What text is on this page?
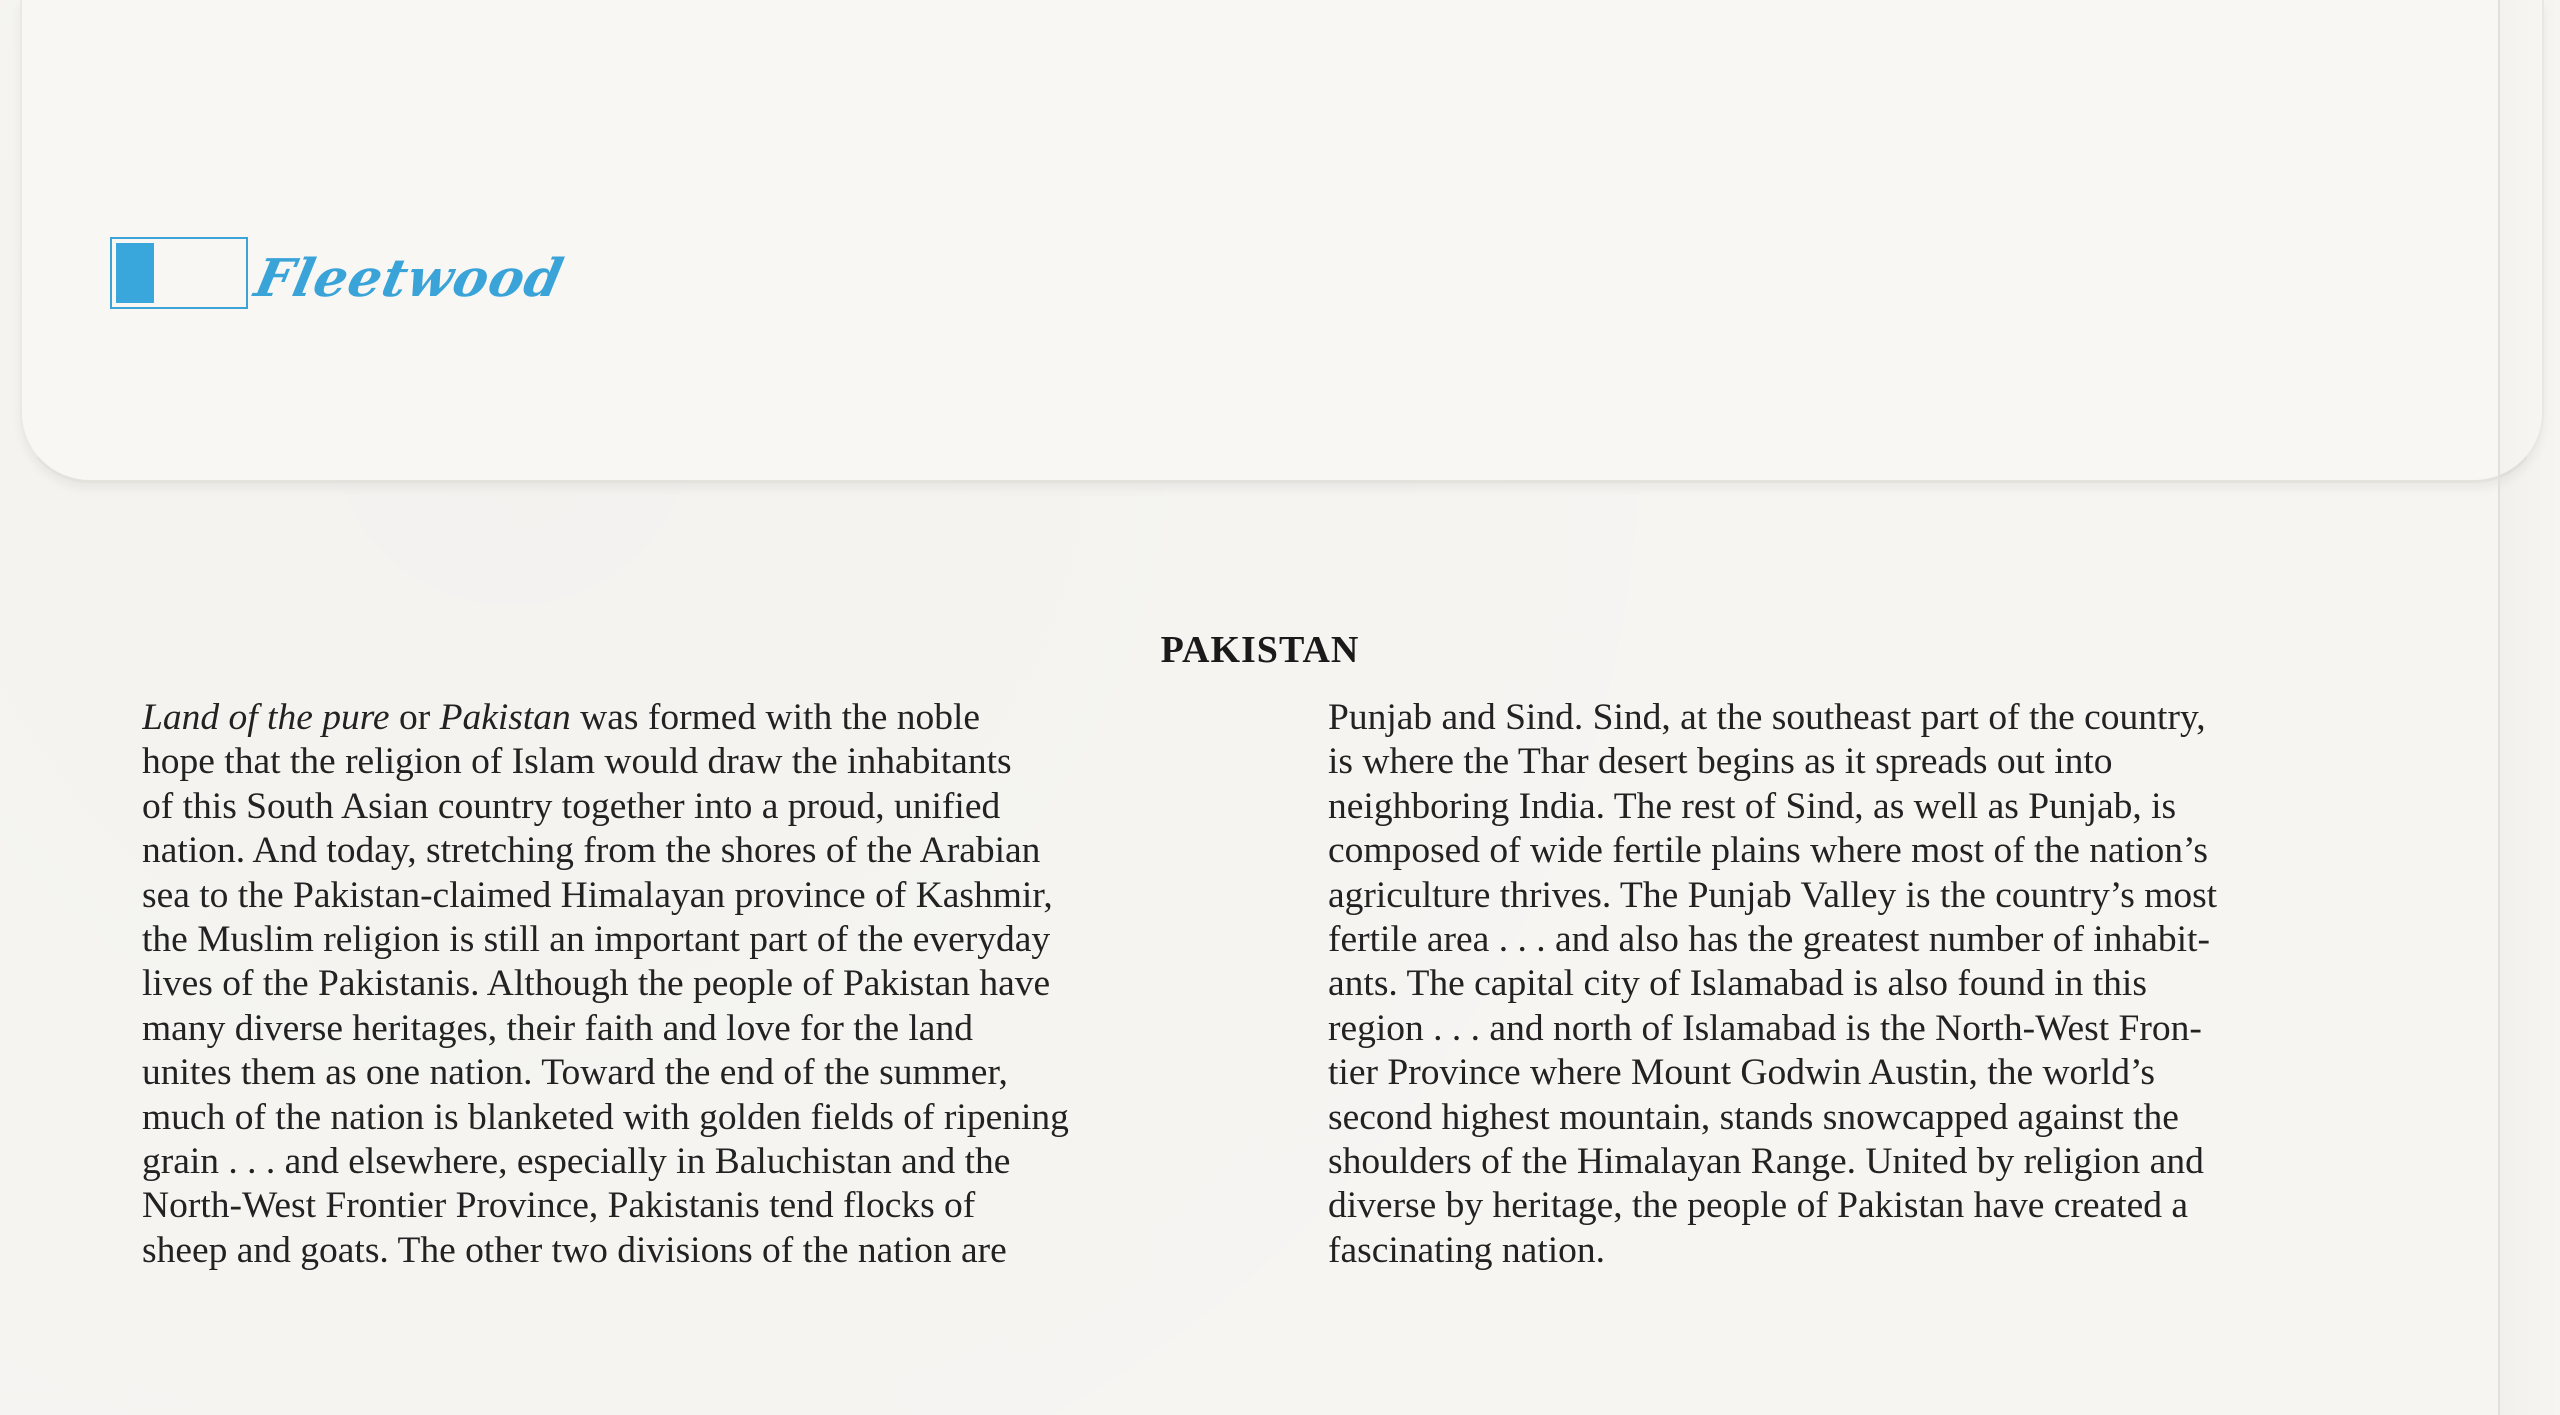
Fleetwood
PAKISTAN
Land of the pure or Pakistan was formed with the noble
hope that the religion of Islam would draw the inhabitants
of this South Asian country together into a proud, unified
nation. And today, stretching from the shores of the Arabian
sea to the Pakistan-claimed Himalayan province of Kashmir,
the Muslim religion is still an important part of the everyday
lives of the Pakistanis. Although the people of Pakistan have
many diverse heritages, their faith and love for the land
unites them as one nation. Toward the end of the summer,
much of the nation is blanketed with golden fields of ripening
grain . . . and elsewhere, especially in Baluchistan and the
North-West Frontier Province, Pakistanis tend flocks of
sheep and goats. The other two divisions of the nation are
Punjab and Sind. Sind, at the southeast part of the country,
is where the Thar desert begins as it spreads out into
neighboring India. The rest of Sind, as well as Punjab, is
composed of wide fertile plains where most of the nation’s
agriculture thrives. The Punjab Valley is the country’s most
fertile area . . . and also has the greatest number of inhabit-
ants. The capital city of Islamabad is also found in this
region . . . and north of Islamabad is the North-West Fron-
tier Province where Mount Godwin Austin, the world’s
second highest mountain, stands snowcapped against the
shoulders of the Himalayan Range. United by religion and
diverse by heritage, the people of Pakistan have created a
fascinating nation.
